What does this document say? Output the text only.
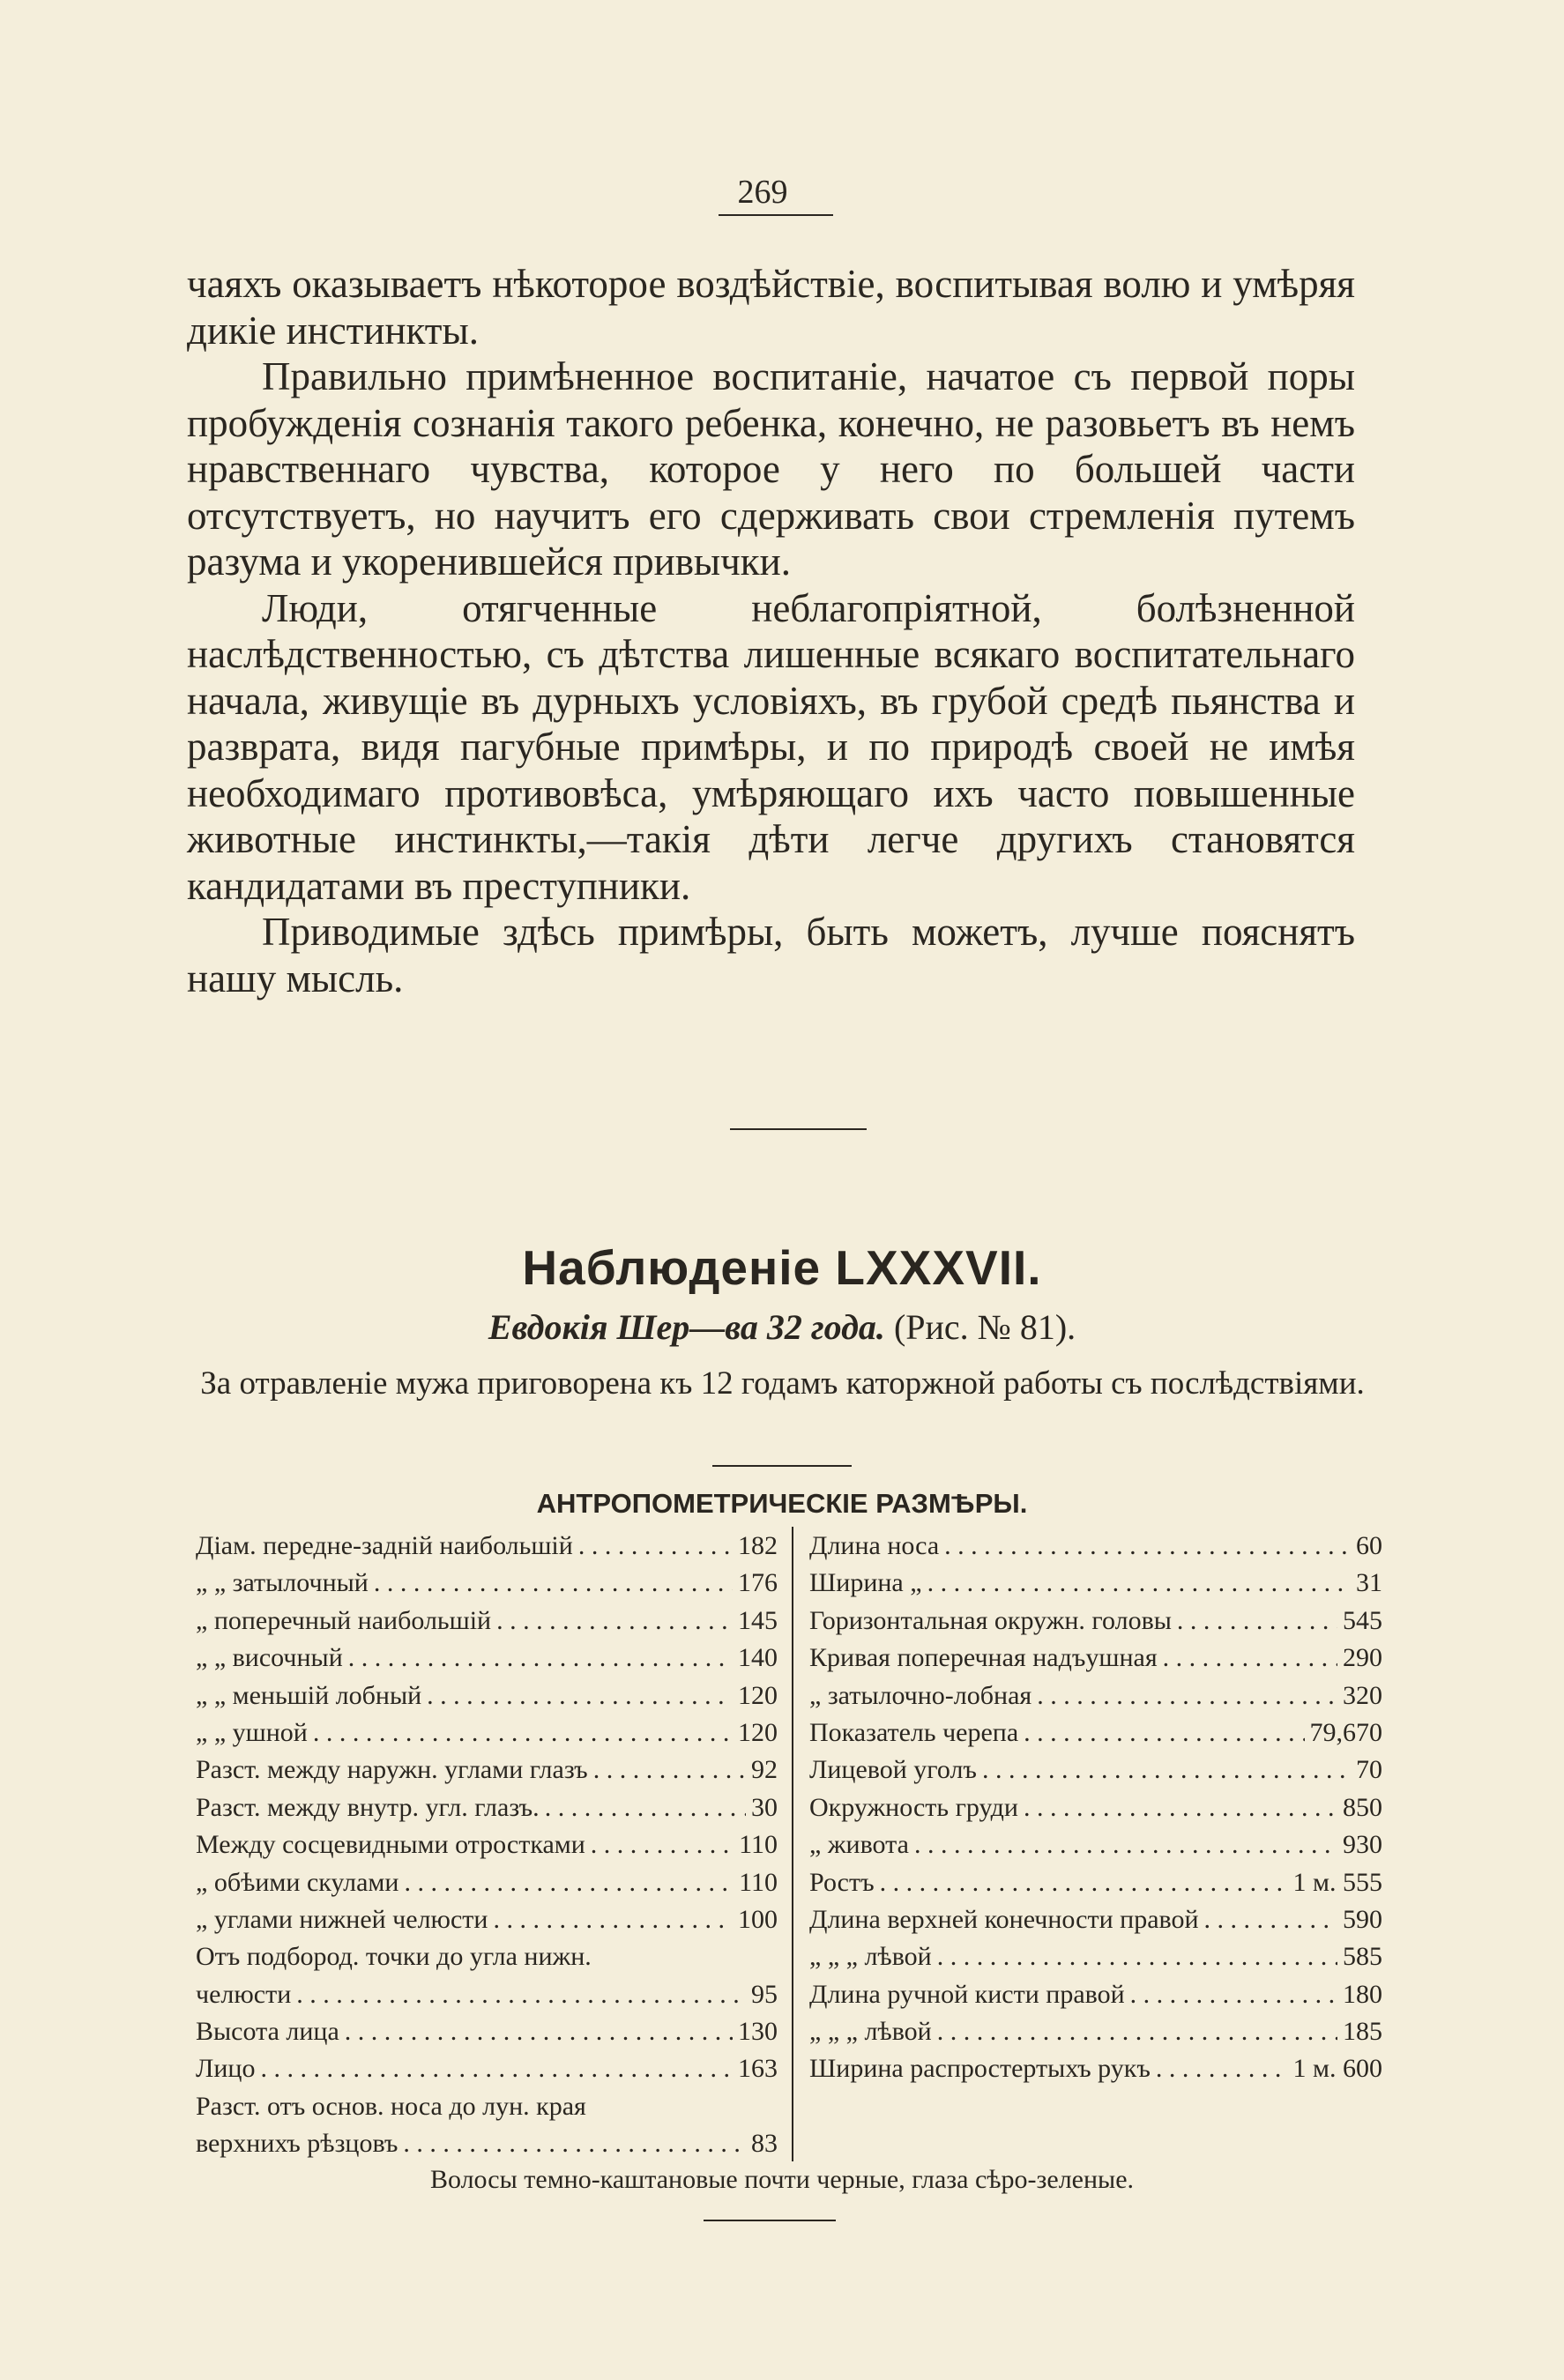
269

чаяхъ оказываетъ нѣкоторое воздѣйствіе, воспитывая волю и умѣряя дикіе инстинкты.

Правильно примѣненное воспитаніе, начатое съ первой поры пробужденія сознанія такого ребенка, конечно, не разовьетъ въ немъ нравственнаго чувства, которое у него по большей части отсутствуетъ, но научитъ его сдерживать свои стремленія путемъ разума и укоренившейся привычки.

Люди, отягченные неблагопріятной, болѣзненной наслѣдственностью, съ дѣтства лишенные всякаго воспитательнаго начала, живущіе въ дурныхъ условіяхъ, въ грубой средѣ пьянства и разврата, видя пагубные примѣры, и по природѣ своей не имѣя необходимаго противовѣса, умѣряющаго ихъ часто повышенные животные инстинкты,—такія дѣти легче другихъ становятся кандидатами въ преступники.

Приводимые здѣсь примѣры, быть можетъ, лучше пояснятъ нашу мысль.

Наблюденіе LXXXVII.
Евдокія Шер—ва 32 года. (Рис. № 81).
За отравленіе мужа приговорена къ 12 годамъ каторжной работы съ послѣдствіями.
АНТРОПОМЕТРИЧЕСКІЕ РАЗМѢРЫ.
Діам. передне-задній наибольшій . . .	182
„ „ затылочный . . .	176
„ поперечный наибольшій . . .	145
„ „ височный . . .	140
„ „ меньшій лобный . . .	120
„ „ ушной . . .	120
Разст. между наружн. углами глазъ . . .	92
Разст. между внутр. угл. глазъ. . . .	30
Между сосцевидными отростками . . .	110
„ обѣими скулами . . .	110
„ углами нижней челюсти . . .	100
Отъ подбород. точки до угла нижн.
челюсти . . .	95
Высота лица . . .	130
Лицо . . .	163
Разст. отъ основ. носа до лун. края
верхнихъ рѣзцовъ . . .	83
Длина носа . . .	60
Ширина „ . . .	31
Горизонтальная окружн. головы . . .	545
Кривая поперечная надъушная . . .	290
„ затылочно-лобная . . .	320
Показатель черепа . . .	79,670
Лицевой уголъ . . .	70
Окружность груди . . .	850
„ живота . . .	930
Ростъ . . .	1 м. 555
Длина верхней конечности правой . . .	590
„ „ „ лѣвой . . .	585
Длина ручной кисти правой . . .	180
„ „ „ лѣвой . . .	185
Ширина распростертыхъ рукъ . . .	1 м. 600
Волосы темно-каштановые почти черные, глаза сѣро-зеленые.
